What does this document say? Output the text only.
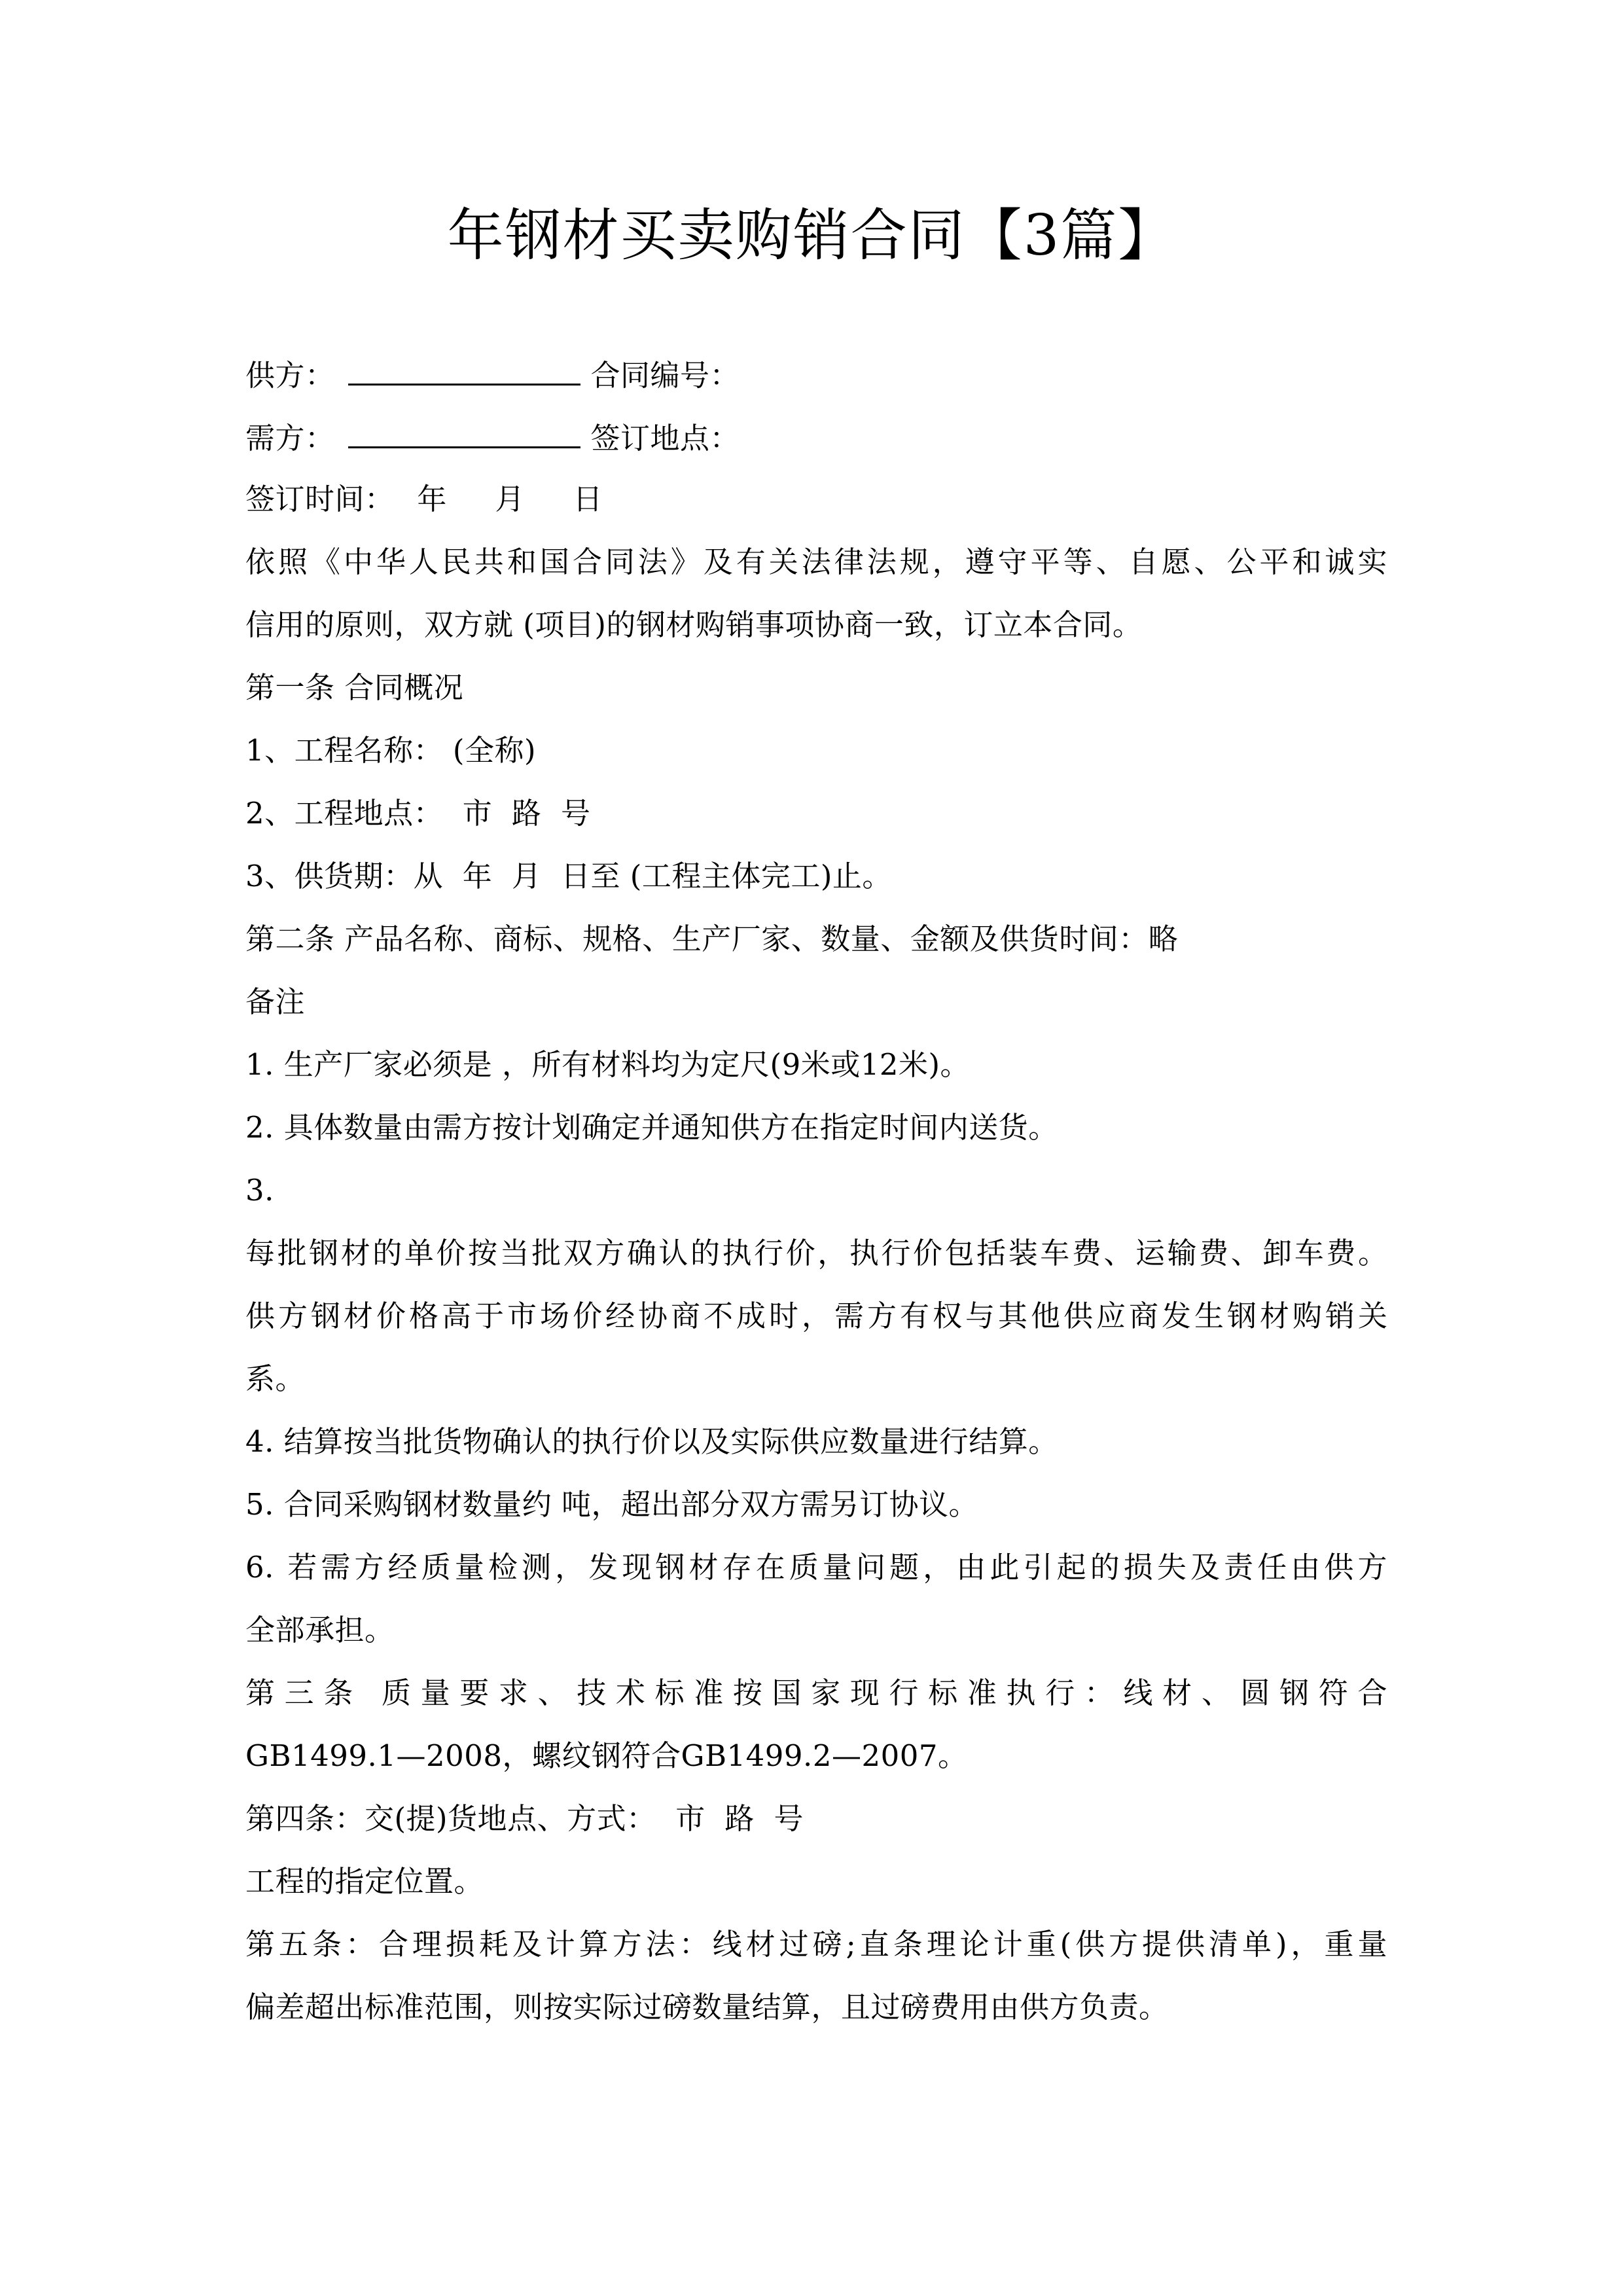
年钢材买卖购销合同【3篇】
供方：	合同编号：
需方：	签订地点：
签订时间： 年  月  日
依照《中华人民共和国合同法》及有关法律法规，遵守平等、自愿、公平和诚实
信用的原则，双方就 (项目)的钢材购销事项协商一致，订立本合同。
第一条 合同概况
1、工程名称： (全称)
2、工程地点：  市  路  号
3、供货期：从  年  月  日至 (工程主体完工)止。
第二条 产品名称、商标、规格、生产厂家、数量、金额及供货时间：略
备注
1. 生产厂家必须是 ，所有材料均为定尺(9米或12米)。
2. 具体数量由需方按计划确定并通知供方在指定时间内送货。
3.
每批钢材的单价按当批双方确认的执行价，执行价包括装车费、运输费、卸车费。
供方钢材价格高于市场价经协商不成时，需方有权与其他供应商发生钢材购销关
系。
4. 结算按当批货物确认的执行价以及实际供应数量进行结算。
5. 合同采购钢材数量约 吨，超出部分双方需另订协议。
6. 若需方经质量检测，发现钢材存在质量问题，由此引起的损失及责任由供方
全部承担。
第三条 质量要求、技术标准按国家现行标准执行：线材、圆钢符合
GB1499.1—2008，螺纹钢符合GB1499.2—2007。
第四条：交(提)货地点、方式：  市  路  号
工程的指定位置。
第五条：合理损耗及计算方法：线材过磅;直条理论计重(供方提供清单)，重量
偏差超出标准范围，则按实际过磅数量结算，且过磅费用由供方负责。
